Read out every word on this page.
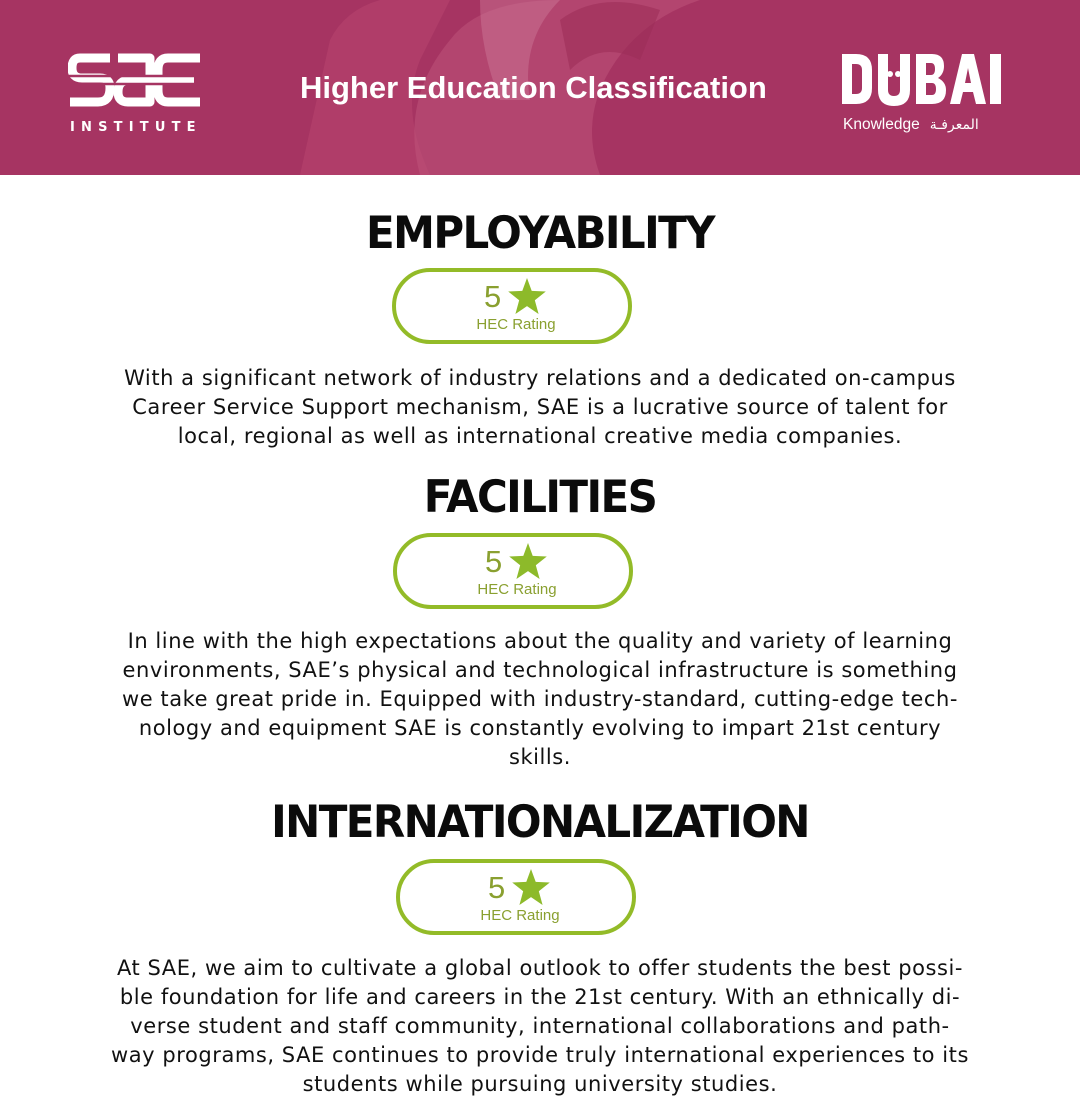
INSTITUTE
Higher Education Classification
Knowledge المعرفـة
EMPLOYABILITY
5
HEC Rating
With a significant network of industry relations and a dedicated on-campus
Career Service Support mechanism, SAE is a lucrative source of talent for
local, regional as well as international creative media companies.
FACILITIES
5
HEC Rating
In line with the high expectations about the quality and variety of learning
environments, SAE’s physical and technological infrastructure is something
we take great pride in. Equipped with industry-standard, cutting-edge tech-
nology and equipment SAE is constantly evolving to impart 21st century
skills.
INTERNATIONALIZATION
5
HEC Rating
At SAE, we aim to cultivate a global outlook to offer students the best possi-
ble foundation for life and careers in the 21st century. With an ethnically di-
verse student and staff community, international collaborations and path-
way programs, SAE continues to provide truly international experiences to its
students while pursuing university studies.
